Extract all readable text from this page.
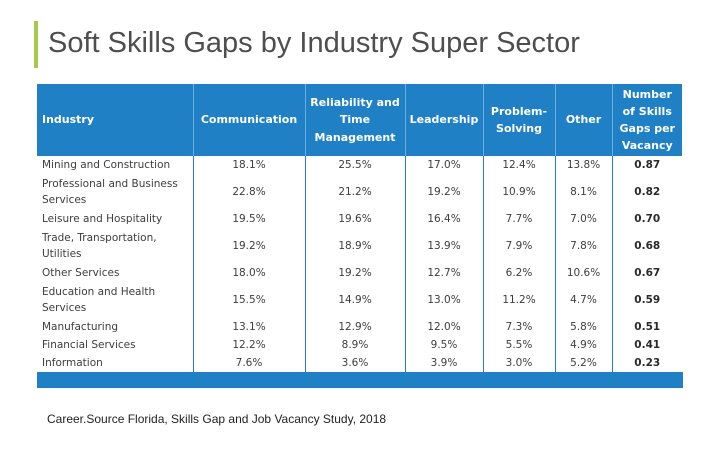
Soft Skills Gaps by Industry Super Sector
Industry	Communication	Reliability and Time Management	Leadership	Problem-Solving	Other	Number of Skills Gaps per Vacancy
Mining and Construction	18.1%	25.5%	17.0%	12.4%	13.8%	0.87
Professional and Business Services	22.8%	21.2%	19.2%	10.9%	8.1%	0.82
Leisure and Hospitality	19.5%	19.6%	16.4%	7.7%	7.0%	0.70
Trade, Transportation, Utilities	19.2%	18.9%	13.9%	7.9%	7.8%	0.68
Other Services	18.0%	19.2%	12.7%	6.2%	10.6%	0.67
Education and Health Services	15.5%	14.9%	13.0%	11.2%	4.7%	0.59
Manufacturing	13.1%	12.9%	12.0%	7.3%	5.8%	0.51
Financial Services	12.2%	8.9%	9.5%	5.5%	4.9%	0.41
Information	7.6%	3.6%	3.9%	3.0%	5.2%	0.23

Career.Source Florida, Skills Gap and Job Vacancy Study, 2018
